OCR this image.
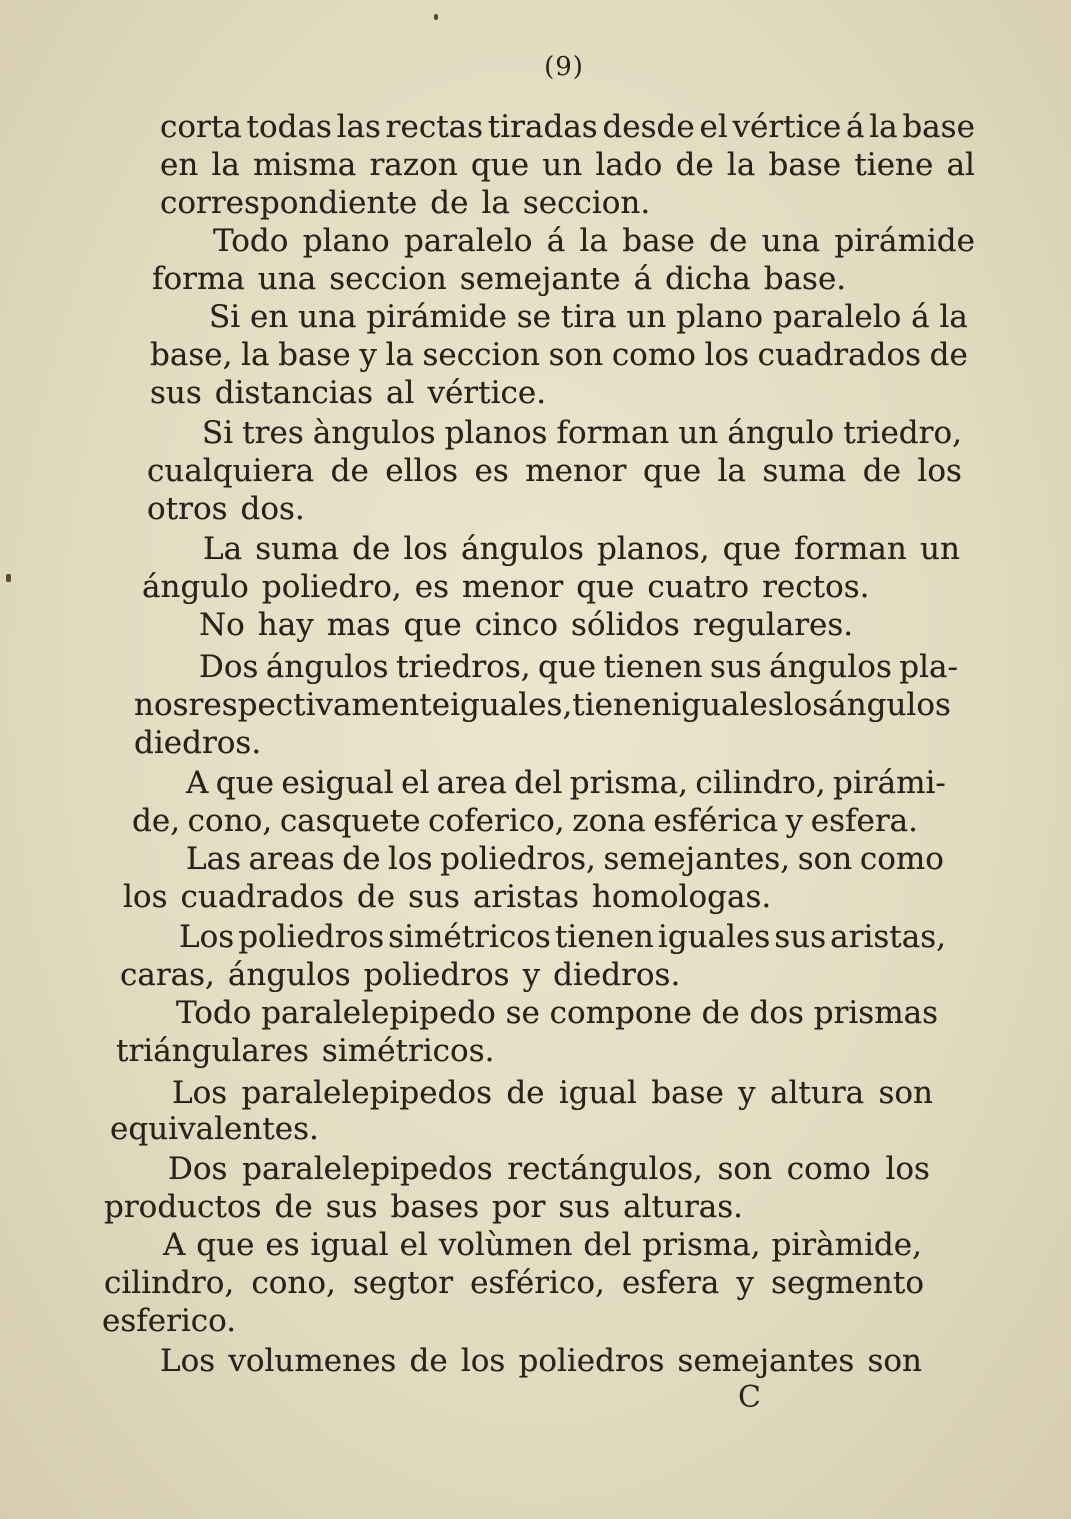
(9)
corta todas las rectas tiradas desde el vértice á la base
en la misma razon que un lado de la base tiene al
correspondiente de la seccion.
Todo plano paralelo á la base de una pirámide
forma una seccion semejante á dicha base.
Si en una pirámide se tira un plano paralelo á la
base, la base y la seccion son como los cuadrados de
sus distancias al vértice.
Si tres àngulos planos forman un ángulo triedro,
cualquiera de ellos es menor que la suma de los
otros dos.
La suma de los ángulos planos, que forman un
ángulo poliedro, es menor que cuatro rectos.
No hay mas que cinco sólidos regulares.
Dos ángulos triedros, que tienen sus ángulos pla-
nos respectivamente iguales, tienen iguales los ángulos
diedros.
A que esigual el area del prisma, cilindro, pirámi-
de, cono, casquete coferico, zona esférica y esfera.
Las areas de los poliedros, semejantes, son como
los cuadrados de sus aristas homologas.
Los poliedros simétricos tienen iguales sus aristas,
caras, ángulos poliedros y diedros.
Todo paralelepipedo se compone de dos prismas
triángulares simétricos.
Los paralelepipedos de igual base y altura son
equivalentes.
Dos paralelepipedos rectángulos, son como los
productos de sus bases por sus alturas.
A que es igual el volùmen del prisma, piràmide,
cilindro, cono, segtor esférico, esfera y segmento
esferico.
Los volumenes de los poliedros semejantes son
C
